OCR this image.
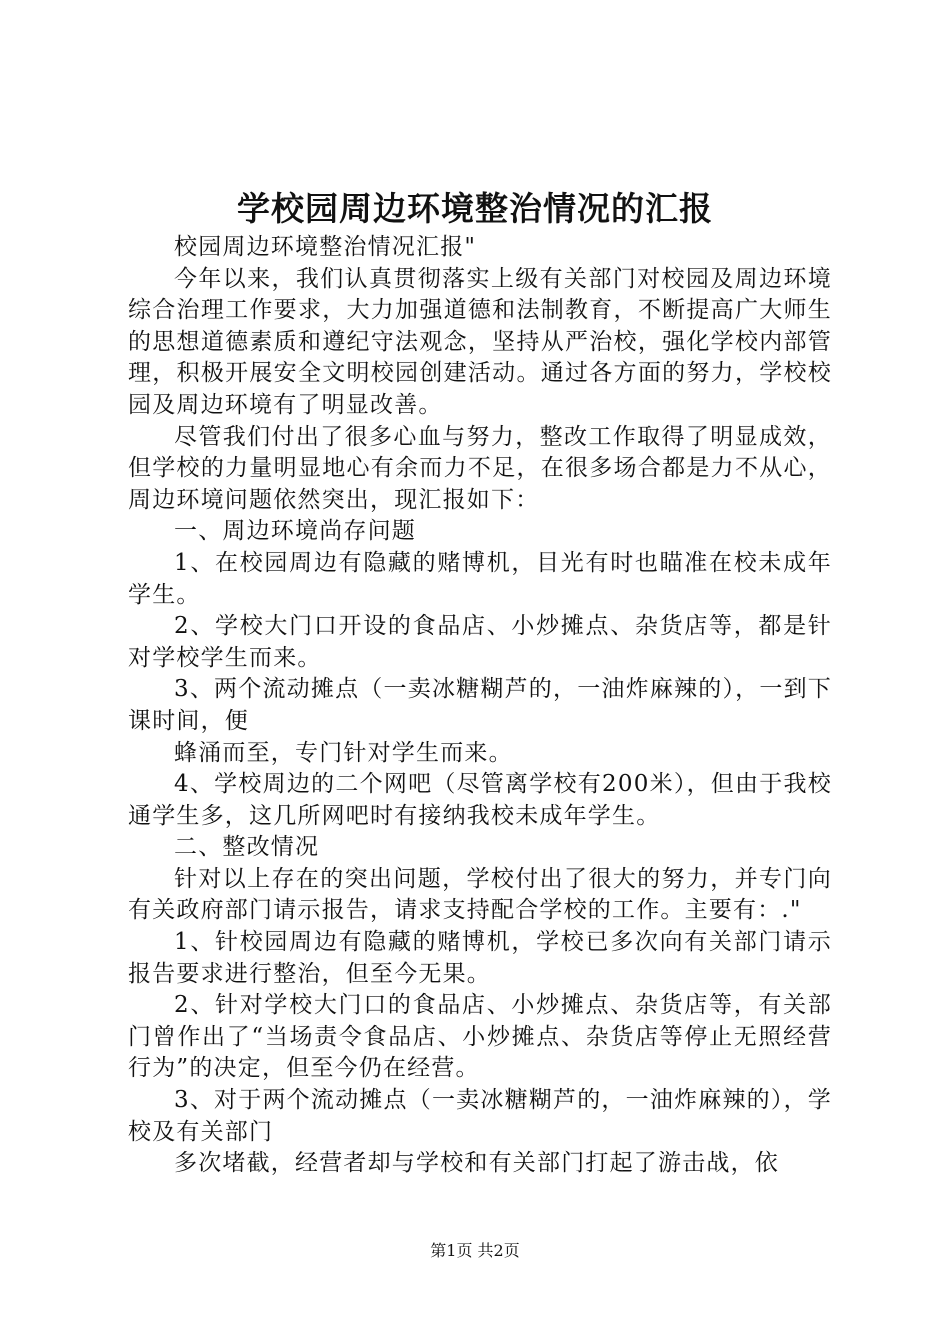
学校园周边环境整治情况的汇报

校园周边环境整治情况汇报"

今年以来，我们认真贯彻落实上级有关部门对校园及周边环境综合治理工作要求，大力加强道德和法制教育，不断提高广大师生的思想道德素质和遵纪守法观念，坚持从严治校，强化学校内部管理，积极开展安全文明校园创建活动。通过各方面的努力，学校校园及周边环境有了明显改善。

尽管我们付出了很多心血与努力，整改工作取得了明显成效，但学校的力量明显地心有余而力不足，在很多场合都是力不从心，周边环境问题依然突出，现汇报如下：

一、周边环境尚存问题

1、在校园周边有隐藏的赌博机，目光有时也瞄准在校未成年学生。

2、学校大门口开设的食品店、小炒摊点、杂货店等，都是针对学校学生而来。

3、两个流动摊点（一卖冰糖糊芦的，一油炸麻辣的），一到下课时间，便

蜂涌而至，专门针对学生而来。

4、学校周边的二个网吧（尽管离学校有200米），但由于我校通学生多，这几所网吧时有接纳我校未成年学生。

二、整改情况

针对以上存在的突出问题，学校付出了很大的努力，并专门向有关政府部门请示报告，请求支持配合学校的工作。主要有：."

1、针校园周边有隐藏的赌博机，学校已多次向有关部门请示报告要求进行整治，但至今无果。

2、针对学校大门口的食品店、小炒摊点、杂货店等，有关部门曾作出了“当场责令食品店、小炒摊点、杂货店等停止无照经营行为”的决定，但至今仍在经营。

3、对于两个流动摊点（一卖冰糖糊芦的，一油炸麻辣的），学校及有关部门

多次堵截，经营者却与学校和有关部门打起了游击战，依

第1页 共2页
